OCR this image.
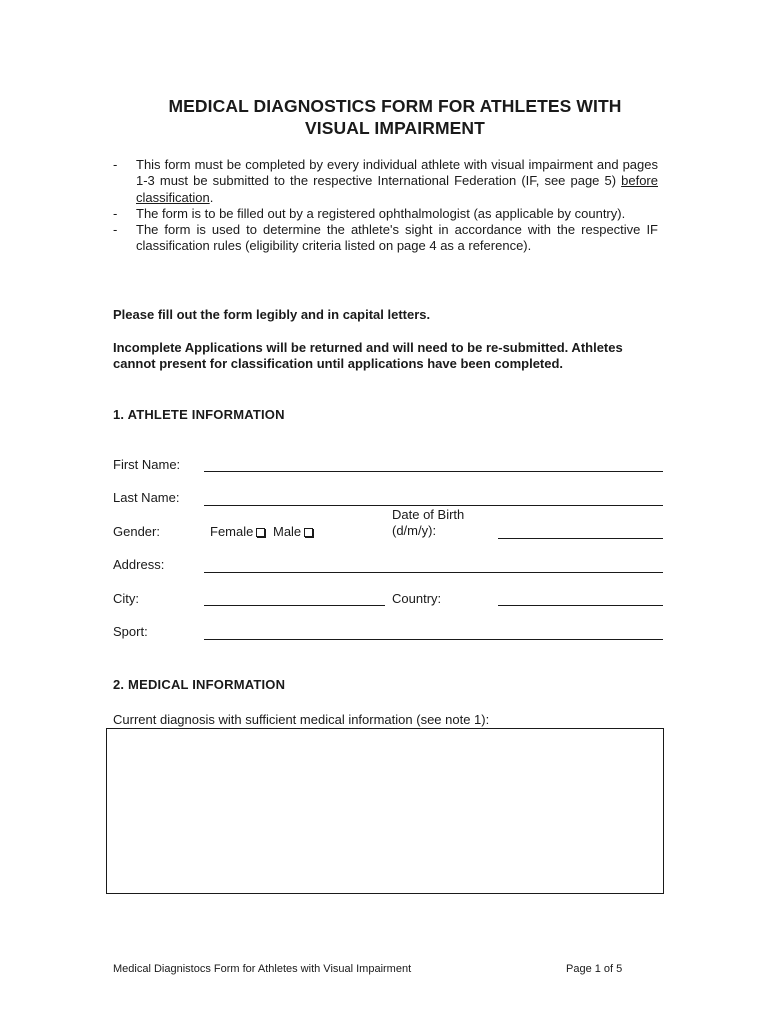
MEDICAL DIAGNOSTICS FORM FOR ATHLETES WITH
VISUAL IMPAIRMENT
- This form must be completed by every individual athlete with visual impairment and pages 1-3 must be submitted to the respective International Federation (IF, see page 5) before classification.
- The form is to be filled out by a registered ophthalmologist (as applicable by country).
- The form is used to determine the athlete's sight in accordance with the respective IF classification rules (eligibility criteria listed on page 4 as a reference).
Please fill out the form legibly and in capital letters.
Incomplete Applications will be returned and will need to be re-submitted. Athletes cannot present for classification until applications have been completed.
1. ATHLETE INFORMATION
First Name:
Last Name:
Gender:	Female Male
Date of Birth
(d/m/y):
Address:
City:	Country:
Sport:
2. MEDICAL INFORMATION
Current diagnosis with sufficient medical information (see note 1):
Medical Diagnistocs Form for Athletes with Visual Impairment	Page 1 of 5
